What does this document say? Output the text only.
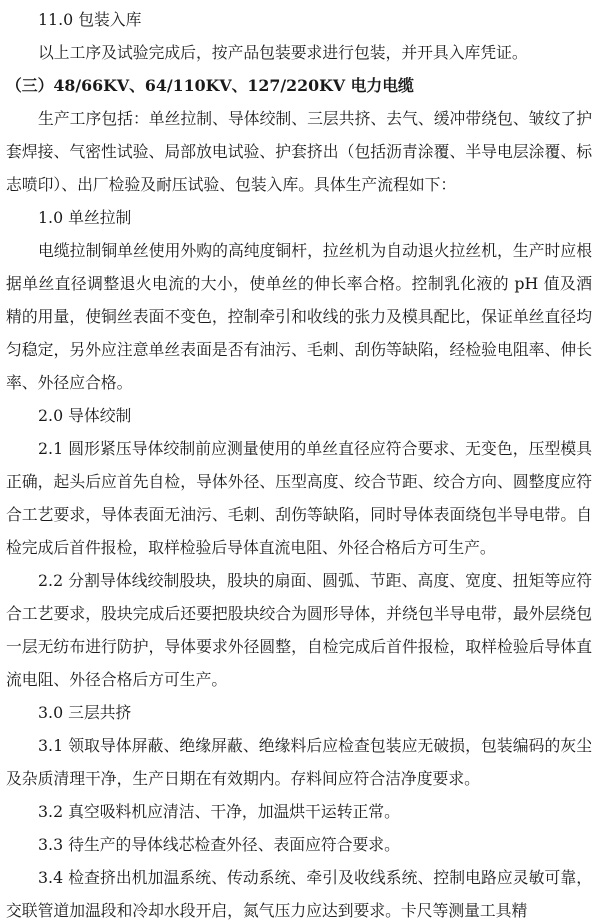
11.0 包装入库

以上工序及试验完成后，按产品包装要求进行包装，并开具入库凭证。

（三）48/66KV、64/110KV、127/220KV 电力电缆

生产工序包括：单丝拉制、导体绞制、三层共挤、去气、缓冲带绕包、皱纹了护套焊接、气密性试验、局部放电试验、护套挤出（包括沥青涂覆、半导电层涂覆、标志喷印）、出厂检验及耐压试验、包装入库。具体生产流程如下：

1.0 单丝拉制

电缆拉制铜单丝使用外购的高纯度铜杆，拉丝机为自动退火拉丝机，生产时应根据单丝直径调整退火电流的大小，使单丝的伸长率合格。控制乳化液的 pH 值及酒精的用量，使铜丝表面不变色，控制牵引和收线的张力及模具配比，保证单丝直径均匀稳定，另外应注意单丝表面是否有油污、毛刺、刮伤等缺陷，经检验电阻率、伸长率、外径应合格。

2.0 导体绞制

2.1 圆形紧压导体绞制前应测量使用的单丝直径应符合要求、无变色，压型模具正确，起头后应首先自检，导体外径、压型高度、绞合节距、绞合方向、圆整度应符合工艺要求，导体表面无油污、毛刺、刮伤等缺陷，同时导体表面绕包半导电带。自检完成后首件报检，取样检验后导体直流电阻、外径合格后方可生产。

2.2 分割导体线绞制股块，股块的扇面、圆弧、节距、高度、宽度、扭矩等应符合工艺要求，股块完成后还要把股块绞合为圆形导体，并绕包半导电带，最外层绕包一层无纺布进行防护，导体要求外径圆整，自检完成后首件报检，取样检验后导体直流电阻、外径合格后方可生产。

3.0 三层共挤

3.1 领取导体屏蔽、绝缘屏蔽、绝缘料后应检查包装应无破损，包装编码的灰尘及杂质清理干净，生产日期在有效期内。存料间应符合洁净度要求。

3.2 真空吸料机应清洁、干净，加温烘干运转正常。

3.3 待生产的导体线芯检查外径、表面应符合要求。

3.4 检查挤出机加温系统、传动系统、牵引及收线系统、控制电路应灵敏可靠，交联管道加温段和冷却水段开启，氮气压力应达到要求。卡尺等测量工具精
